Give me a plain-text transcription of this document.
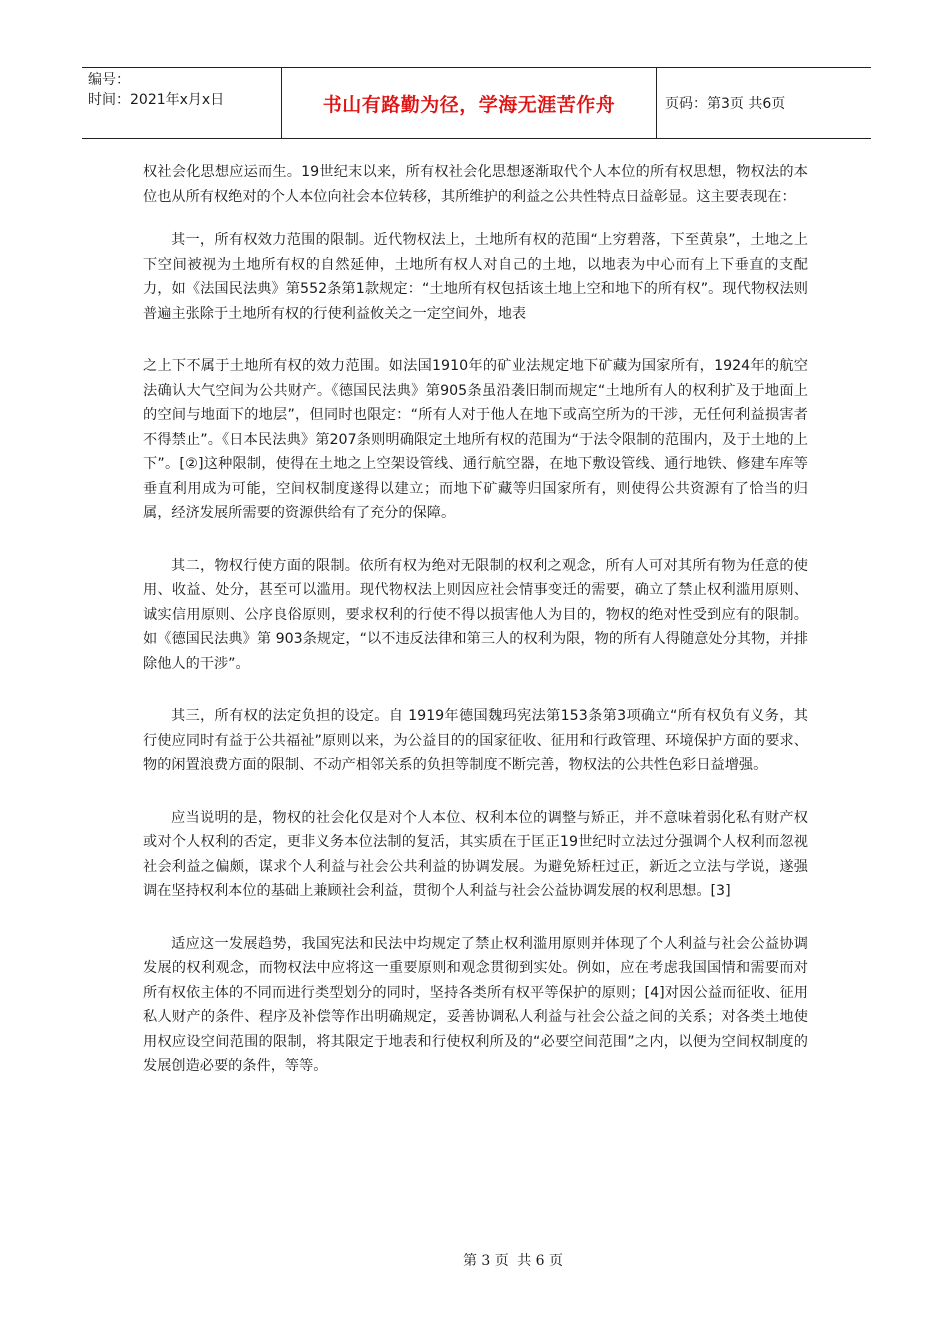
编号：
时间：2021年x月x日	书山有路勤为径，学海无涯苦作舟	页码：第3页 共6页

权社会化思想应运而生。19世纪末以来，所有权社会化思想逐渐取代个人本位的所有权思想，物权法的本位也从所有权绝对的个人本位向社会本位转移，其所维护的利益之公共性特点日益彰显。这主要表现在：

其一，所有权效力范围的限制。近代物权法上，土地所有权的范围“上穷碧落，下至黄泉”，土地之上下空间被视为土地所有权的自然延伸，土地所有权人对自己的土地，以地表为中心而有上下垂直的支配力，如《法国民法典》第552条第1款规定：“土地所有权包括该土地上空和地下的所有权”。现代物权法则普遍主张除于土地所有权的行使利益攸关之一定空间外，地表

之上下不属于土地所有权的效力范围。如法国1910年的矿业法规定地下矿藏为国家所有，1924年的航空法确认大气空间为公共财产。《德国民法典》第905条虽沿袭旧制而规定“土地所有人的权利扩及于地面上的空间与地面下的地层”，但同时也限定：“所有人对于他人在地下或高空所为的干涉，无任何利益损害者不得禁止”。《日本民法典》第207条则明确限定土地所有权的范围为“于法令限制的范围内，及于土地的上下”。[②]这种限制，使得在土地之上空架设管线、通行航空器，在地下敷设管线、通行地铁、修建车库等垂直利用成为可能，空间权制度遂得以建立；而地下矿藏等归国家所有，则使得公共资源有了恰当的归属，经济发展所需要的资源供给有了充分的保障。

其二，物权行使方面的限制。依所有权为绝对无限制的权利之观念，所有人可对其所有物为任意的使用、收益、处分，甚至可以滥用。现代物权法上则因应社会情事变迁的需要，确立了禁止权利滥用原则、诚实信用原则、公序良俗原则，要求权利的行使不得以损害他人为目的，物权的绝对性受到应有的限制。如《德国民法典》第 903条规定，“以不违反法律和第三人的权利为限，物的所有人得随意处分其物，并排除他人的干涉”。

其三，所有权的法定负担的设定。自 1919年德国魏玛宪法第153条第3项确立“所有权负有义务，其行使应同时有益于公共福祉”原则以来，为公益目的的国家征收、征用和行政管理、环境保护方面的要求、物的闲置浪费方面的限制、不动产相邻关系的负担等制度不断完善，物权法的公共性色彩日益增强。

应当说明的是，物权的社会化仅是对个人本位、权利本位的调整与矫正，并不意味着弱化私有财产权或对个人权利的否定，更非义务本位法制的复活，其实质在于匡正19世纪时立法过分强调个人权利而忽视社会利益之偏颇，谋求个人利益与社会公共利益的协调发展。为避免矫枉过正，新近之立法与学说，遂强调在坚持权利本位的基础上兼顾社会利益，贯彻个人利益与社会公益协调发展的权利思想。[3]

适应这一发展趋势，我国宪法和民法中均规定了禁止权利滥用原则并体现了个人利益与社会公益协调发展的权利观念，而物权法中应将这一重要原则和观念贯彻到实处。例如，应在考虑我国国情和需要而对所有权依主体的不同而进行类型划分的同时，坚持各类所有权平等保护的原则；[4]对因公益而征收、征用私人财产的条件、程序及补偿等作出明确规定，妥善协调私人利益与社会公益之间的关系；对各类土地使用权应设空间范围的限制，将其限定于地表和行使权利所及的“必要空间范围”之内，以便为空间权制度的发展创造必要的条件，等等。

第 3 页 共 6 页
